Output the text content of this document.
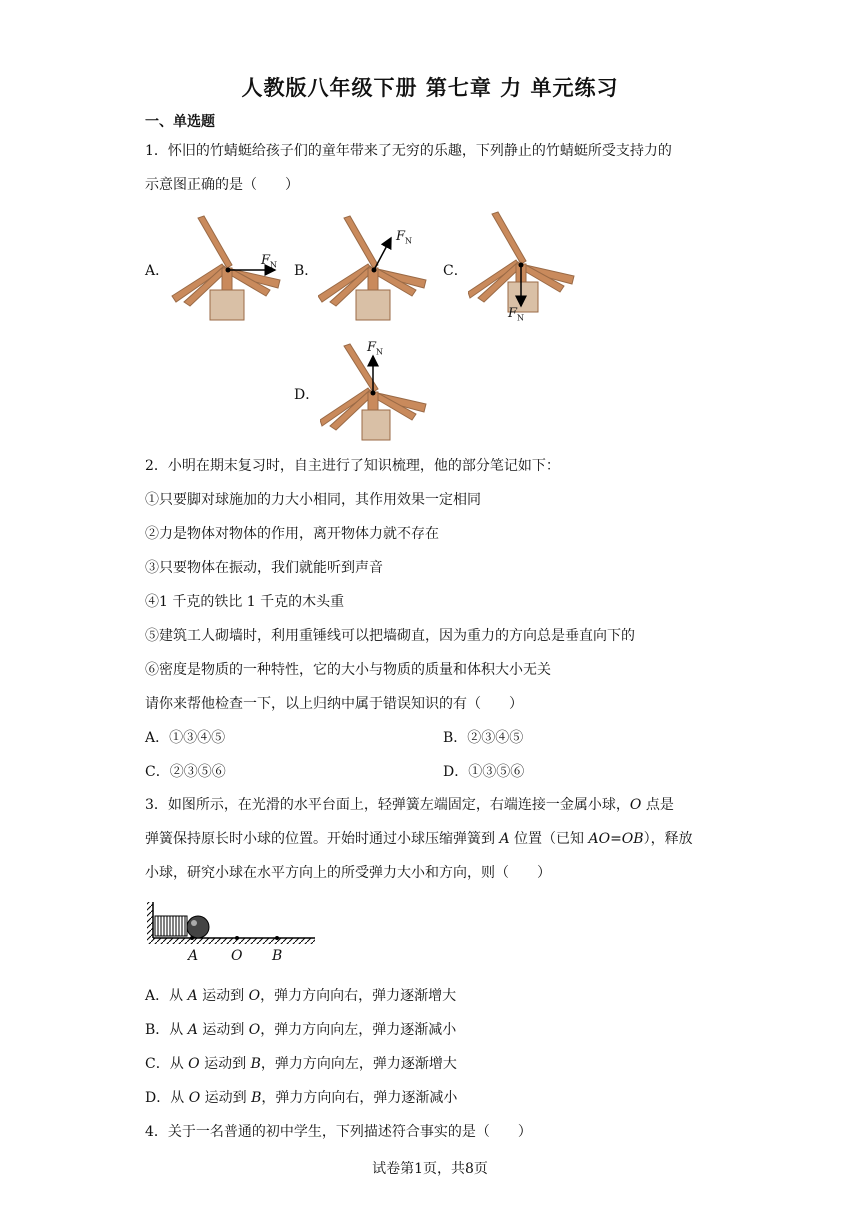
人教版八年级下册 第七章 力 单元练习
一、单选题
1．怀旧的竹蜻蜓给孩子们的童年带来了无穷的乐趣，下列静止的竹蜻蜓所受支持力的
示意图正确的是（　　）
A．	B．	C．
D．
$F_N$
$F_N$
$F_N$
$F_N$
2．小明在期末复习时，自主进行了知识梳理，他的部分笔记如下：
①只要脚对球施加的力大小相同，其作用效果一定相同
②力是物体对物体的作用，离开物体力就不存在
③只要物体在振动，我们就能听到声音
④1 千克的铁比 1 千克的木头重
⑤建筑工人砌墙时，利用重锤线可以把墙砌直，因为重力的方向总是垂直向下的
⑥密度是物质的一种特性，它的大小与物质的质量和体积大小无关
请你来帮他检查一下，以上归纳中属于错误知识的有（　　）
A．①③④⑤	B．②③④⑤
C．②③⑤⑥	D．①③⑤⑥
3．如图所示，在光滑的水平台面上，轻弹簧左端固定，右端连接一金属小球，O 点是
弹簧保持原长时小球的位置。开始时通过小球压缩弹簧到 A 位置（已知 AO=OB），释放
小球，研究小球在水平方向上的所受弹力大小和方向，则（　　）
A O B
A．从 A 运动到 O，弹力方向向右，弹力逐渐增大
B．从 A 运动到 O，弹力方向向左，弹力逐渐减小
C．从 O 运动到 B，弹力方向向左，弹力逐渐增大
D．从 O 运动到 B，弹力方向向右，弹力逐渐减小
4．关于一名普通的初中学生，下列描述符合事实的是（　　）
试卷第1页，共8页
